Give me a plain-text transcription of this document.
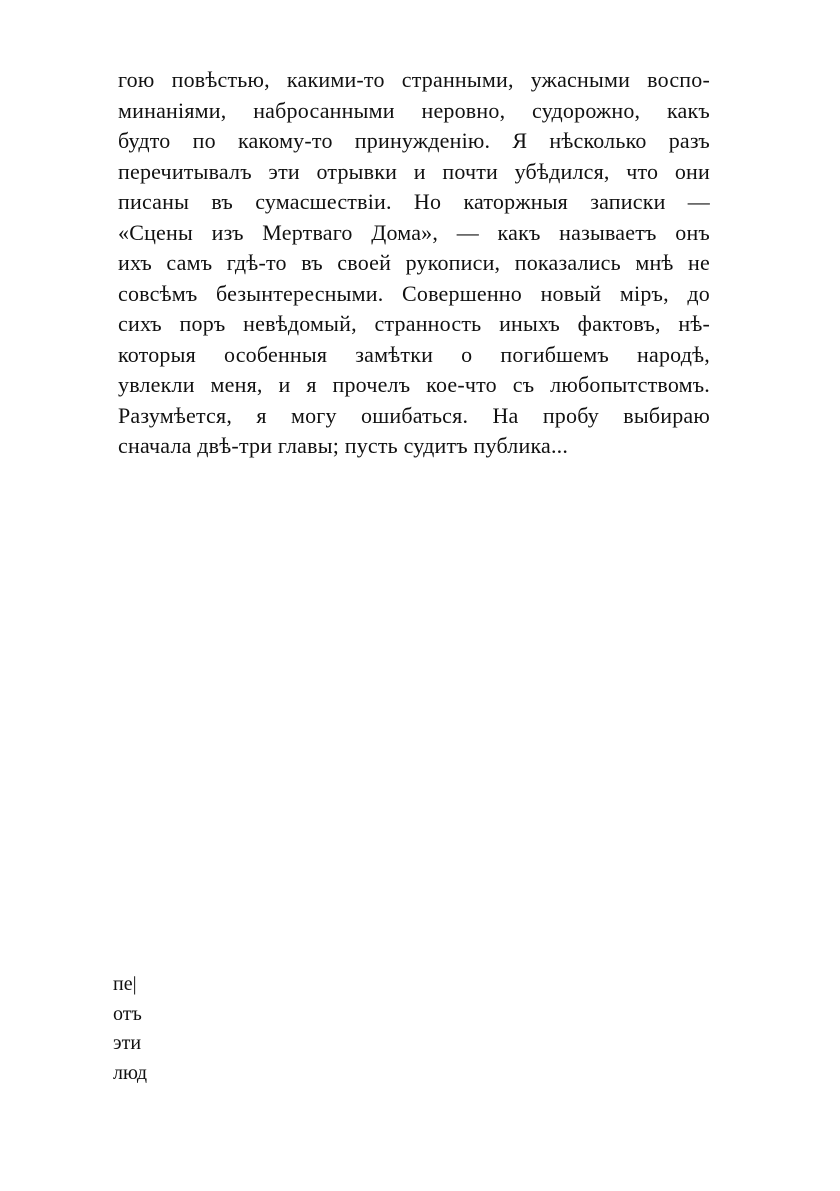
гою повѣстью, какими-то странными, ужасными воспо-
минаніями, набросанными неровно, судорожно, какъ
будто по какому-то принужденію. Я нѣсколько разъ
перечитывалъ эти отрывки и почти убѣдился, что они
писаны въ сумасшествіи. Но каторжныя записки —
«Сцены изъ Мертваго Дома», — какъ называетъ онъ
ихъ самъ гдѣ-то въ своей рукописи, показались мнѣ не
совсѣмъ безынтересными. Совершенно новый міръ, до
сихъ поръ невѣдомый, странность иныхъ фактовъ, нѣ-
которыя особенныя замѣтки о погибшемъ народѣ,
увлекли меня, и я прочелъ кое-что съ любопытствомъ.
Разумѣется, я могу ошибаться. На пробу выбираю
сначала двѣ-три главы; пусть судитъ публика...
пе|
отъ
эти
люд
